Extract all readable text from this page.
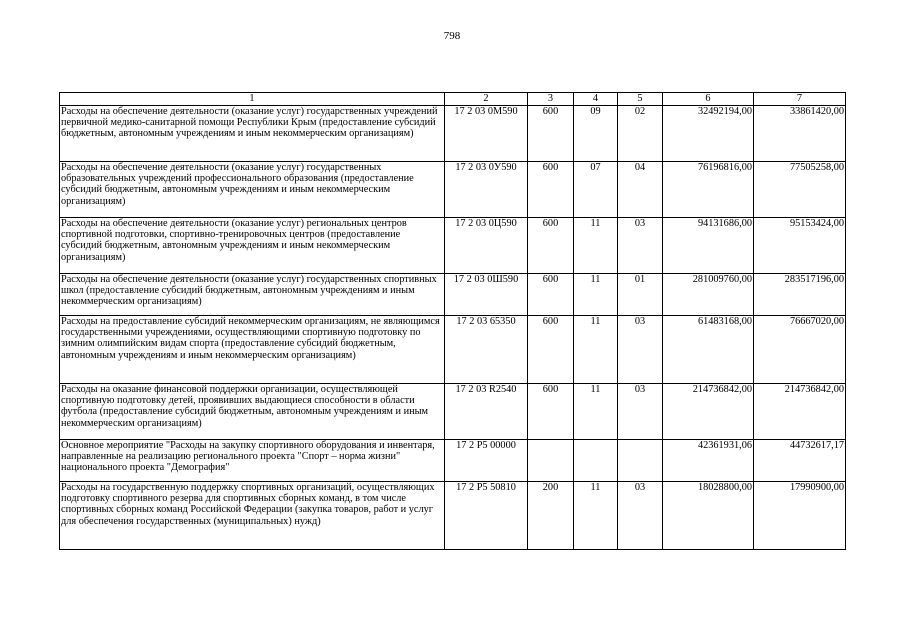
798
1	2	3	4	5	6	7
Расходы на обеспечение деятельности (оказание услуг) государственных учреждений первичной медико-санитарной помощи Республики Крым (предоставление субсидий бюджетным, автономным учреждениям и иным некоммерческим организациям)	17 2 03 0М590	600	09	02	32492194,00	33861420,00
Расходы на обеспечение деятельности (оказание услуг) государственных образовательных учреждений профессионального образования (предоставление субсидий бюджетным, автономным учреждениям и иным некоммерческим организациям)	17 2 03 0У590	600	07	04	76196816,00	77505258,00
Расходы на обеспечение деятельности (оказание услуг) региональных центров спортивной подготовки, спортивно-тренировочных центров (предоставление субсидий бюджетным, автономным учреждениям и иным некоммерческим организациям)	17 2 03 0Ц590	600	11	03	94131686,00	95153424,00
Расходы на обеспечение деятельности (оказание услуг) государственных спортивных школ (предоставление субсидий бюджетным, автономным учреждениям и иным некоммерческим организациям)	17 2 03 0Ш590	600	11	01	281009760,00	283517196,00
Расходы на предоставление субсидий некоммерческим организациям, не являющимся государственными учреждениями, осуществляющими спортивную подготовку по зимним олимпийским видам спорта (предоставление субсидий бюджетным, автономным учреждениям и иным некоммерческим организациям)	17 2 03 65350	600	11	03	61483168,00	76667020,00
Расходы на оказание финансовой поддержки организации, осуществляющей спортивную подготовку детей, проявивших выдающиеся способности в области футбола (предоставление субсидий бюджетным, автономным учреждениям и иным некоммерческим организациям)	17 2 03 R2540	600	11	03	214736842,00	214736842,00
Основное мероприятие "Расходы на закупку спортивного оборудования и инвентаря, направленные на реализацию регионального проекта "Спорт – норма жизни" национального проекта "Демография"	17 2 Р5 00000				42361931,06	44732617,17
Расходы на государственную поддержку спортивных организаций, осуществляющих подготовку спортивного резерва для спортивных сборных команд, в том числе спортивных сборных команд Российской Федерации (закупка товаров, работ и услуг для обеспечения государственных (муниципальных) нужд)	17 2 Р5 50810	200	11	03	18028800,00	17990900,00
